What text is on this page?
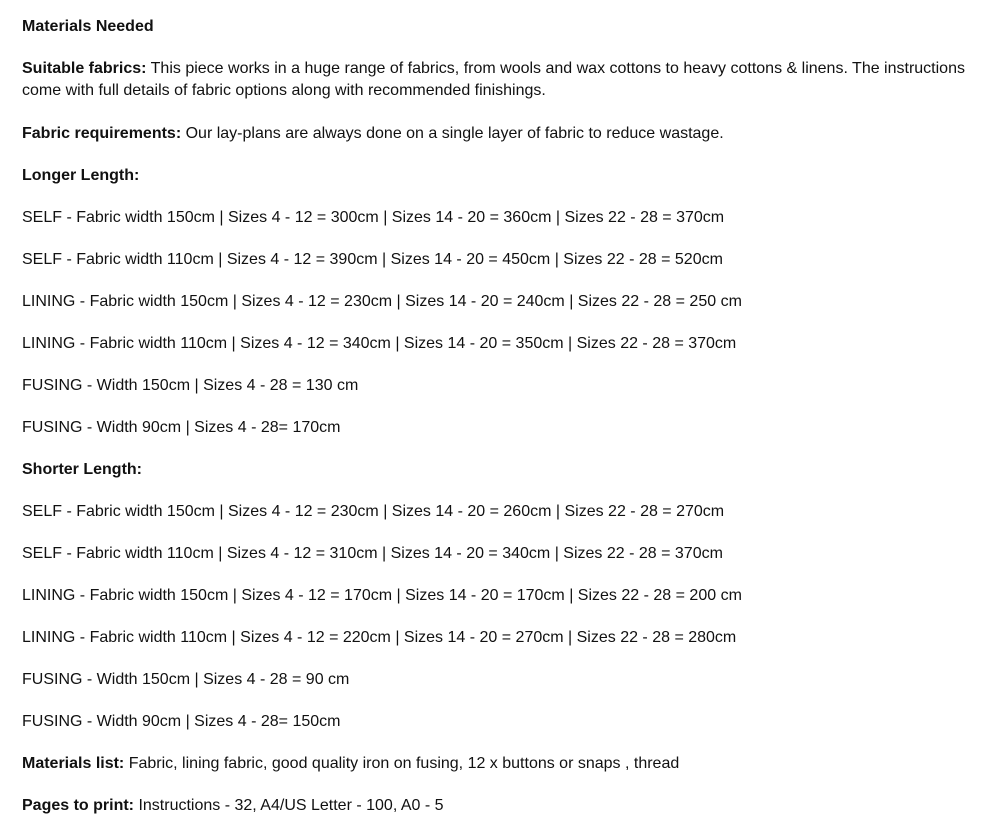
Materials Needed
Suitable fabrics: This piece works in a huge range of fabrics, from wools and wax cottons to heavy cottons & linens. The instructions come with full details of fabric options along with recommended finishings.
Fabric requirements: Our lay-plans are always done on a single layer of fabric to reduce wastage.
Longer Length:
SELF - Fabric width 150cm | Sizes 4 - 12 = 300cm | Sizes 14 - 20 = 360cm | Sizes 22 - 28 = 370cm
SELF - Fabric width 110cm | Sizes 4 - 12 = 390cm | Sizes 14 - 20 = 450cm | Sizes 22 - 28 = 520cm
LINING - Fabric width 150cm | Sizes 4 - 12 = 230cm | Sizes 14 - 20 = 240cm | Sizes 22 - 28 = 250 cm
LINING - Fabric width 110cm | Sizes 4 - 12 = 340cm | Sizes 14 - 20 = 350cm | Sizes 22 - 28 = 370cm
FUSING - Width 150cm | Sizes 4 - 28 = 130 cm
FUSING - Width 90cm | Sizes 4 - 28= 170cm
Shorter Length:
SELF - Fabric width 150cm | Sizes 4 - 12 = 230cm | Sizes 14 - 20 = 260cm | Sizes 22 - 28 = 270cm
SELF - Fabric width 110cm | Sizes 4 - 12 = 310cm | Sizes 14 - 20 = 340cm | Sizes 22 - 28 = 370cm
LINING - Fabric width 150cm | Sizes 4 - 12 = 170cm | Sizes 14 - 20 = 170cm | Sizes 22 - 28 = 200 cm
LINING - Fabric width 110cm | Sizes 4 - 12 = 220cm | Sizes 14 - 20 = 270cm | Sizes 22 - 28 = 280cm
FUSING - Width 150cm | Sizes 4 - 28 = 90 cm
FUSING - Width 90cm | Sizes 4 - 28= 150cm
Materials list: Fabric, lining fabric, good quality iron on fusing, 12 x buttons or snaps , thread
Pages to print: Instructions - 32, A4/US Letter - 100, A0 - 5
